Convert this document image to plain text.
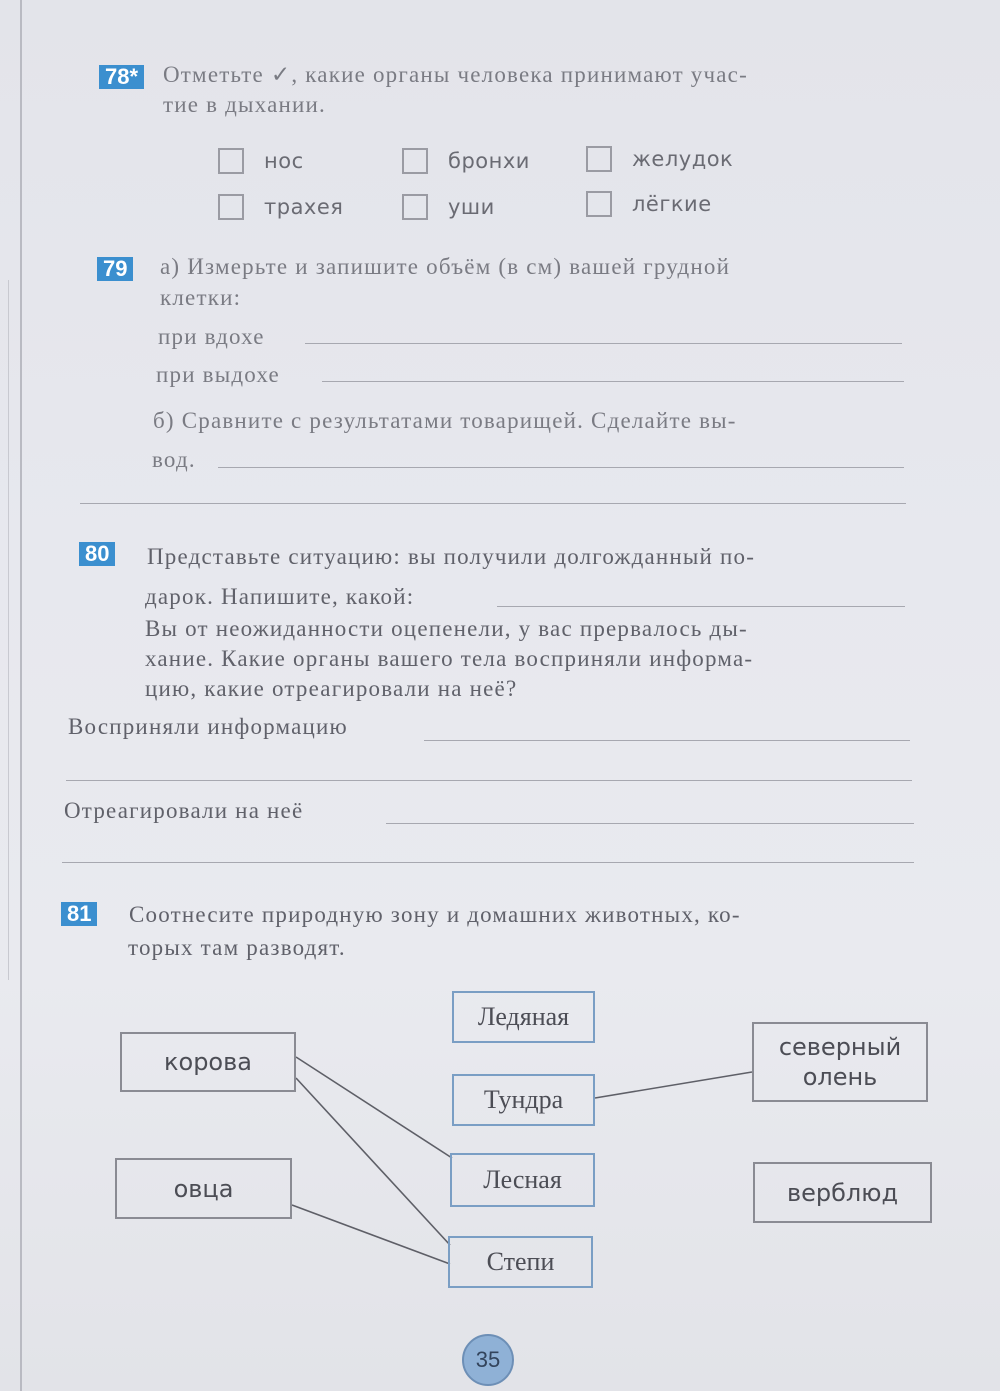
78* Отметьте ✓, какие органы человека принимают учас-
тие в дыхании.
нос	бронхи	желудок
трахея	уши	лёгкие
79 а) Измерьте и запишите объём (в см) вашей грудной
клетки:
при вдохе
при выдохе
б) Сравните с результатами товарищей. Сделайте вы-
вод.
80 Представьте ситуацию: вы получили долгожданный по-
дарок. Напишите, какой:
Вы от неожиданности оцепенели, у вас прервалось ды-
хание. Какие органы вашего тела восприняли информа-
цию, какие отреагировали на неё?
Восприняли информацию
Отреагировали на неё
81 Соотнесите природную зону и домашних животных, ко-
торых там разводят.
Ледяная
Тундра
Лесная
Степи
корова
овца
северный
олень
верблюд
35
